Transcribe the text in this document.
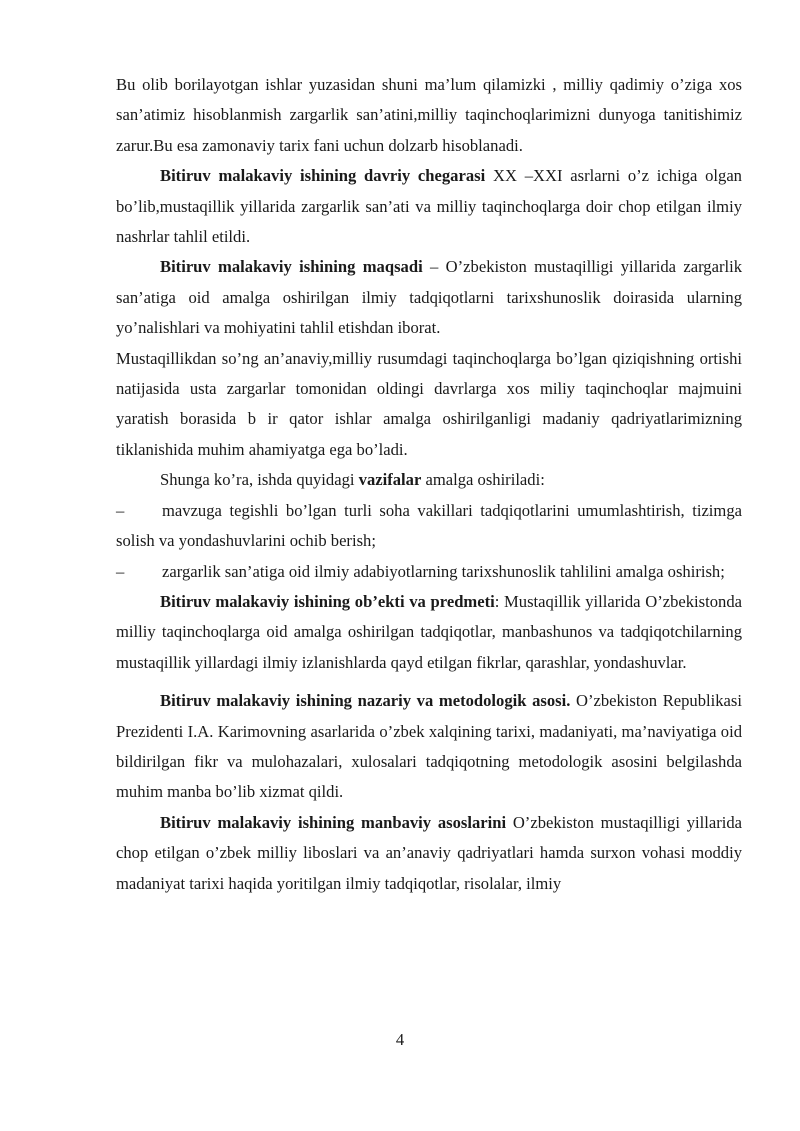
Bu olib borilayotgan ishlar yuzasidan shuni ma’lum qilamizki , milliy qadimiy o’ziga xos san’atimiz hisoblanmish zargarlik san’atini,milliy taqinchoqlarimizni dunyoga tanitishimiz zarur.Bu esa zamonaviy tarix fani uchun dolzarb hisoblanadi.

Bitiruv malakaviy ishining davriy chegarasi XX –XXI asrlarni o’z ichiga olgan bo’lib,mustaqillik yillarida zargarlik san’ati va milliy taqinchoqlarga doir chop etilgan ilmiy nashrlar tahlil etildi.

Bitiruv malakaviy ishining maqsadi – O’zbekiston mustaqilligi yillarida zargarlik san’atiga oid amalga oshirilgan ilmiy tadqiqotlarni tarixshunoslik doirasida ularning yo’nalishlari va mohiyatini tahlil etishdan iborat.

Mustaqillikdan so’ng an’anaviy,milliy rusumdagi taqinchoqlarga bo’lgan qiziqishning ortishi natijasida usta zargarlar tomonidan oldingi davrlarga xos miliy taqinchoqlar majmuini yaratish borasida b ir qator ishlar amalga oshirilganligi madaniy qadriyatlarimizning tiklanishida muhim ahamiyatga ega bo’ladi.

Shunga ko’ra, ishda quyidagi vazifalar amalga oshiriladi:

– mavzuga tegishli bo’lgan turli soha vakillari tadqiqotlarini umumlashtirish, tizimga solish va yondashuvlarini ochib berish;

– zargarlik san’atiga oid ilmiy adabiyotlarning tarixshunoslik tahlilini amalga oshirish;

Bitiruv malakaviy ishining ob’ekti va predmeti: Mustaqillik yillarida O’zbekistonda milliy taqinchoqlarga oid amalga oshirilgan tadqiqotlar, manbashunos va tadqiqotchilarning mustaqillik yillardagi ilmiy izlanishlarda qayd etilgan fikrlar, qarashlar, yondashuvlar.

Bitiruv malakaviy ishining nazariy va metodologik asosi. O’zbekiston Republikasi Prezidenti I.A. Karimovning asarlarida o’zbek xalqining tarixi, madaniyati, ma’naviyatiga oid bildirilgan fikr va mulohazalari, xulosalari tadqiqotning metodologik asosini belgilashda muhim manba bo’lib xizmat qildi.

Bitiruv malakaviy ishining manbaviy asoslarini O’zbekiston mustaqilligi yillarida chop etilgan o’zbek milliy liboslari va an’anaviy qadriyatlari hamda surxon vohasi moddiy madaniyat tarixi haqida yoritilgan ilmiy tadqiqotlar, risolalar, ilmiy

4
